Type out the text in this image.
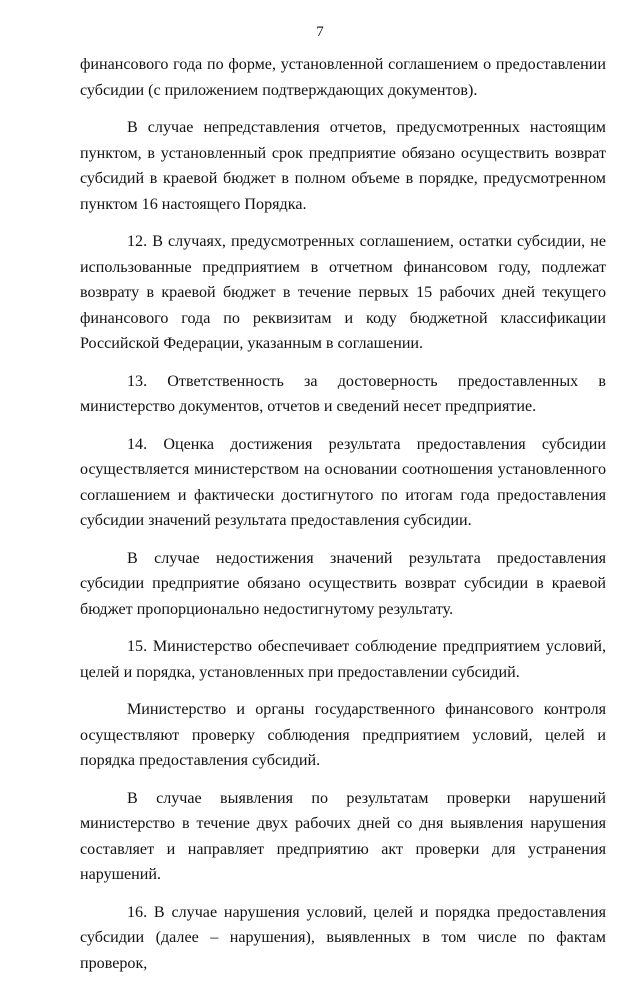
7

финансового года по форме, установленной соглашением о предоставлении субсидии (с приложением подтверждающих документов).

В случае непредставления отчетов, предусмотренных настоящим пунктом, в установленный срок предприятие обязано осуществить возврат субсидий в краевой бюджет в полном объеме в порядке, предусмотренном пунктом 16 настоящего Порядка.

12. В случаях, предусмотренных соглашением, остатки субсидии, не использованные предприятием в отчетном финансовом году, подлежат возврату в краевой бюджет в течение первых 15 рабочих дней текущего финансового года по реквизитам и коду бюджетной классификации Российской Федерации, указанным в соглашении.

13. Ответственность за достоверность предоставленных в министерство документов, отчетов и сведений несет предприятие.

14. Оценка достижения результата предоставления субсидии осуществляется министерством на основании соотношения установленного соглашением и фактически достигнутого по итогам года предоставления субсидии значений результата предоставления субсидии.

В случае недостижения значений результата предоставления субсидии предприятие обязано осуществить возврат субсидии в краевой бюджет пропорционально недостигнутому результату.

15. Министерство обеспечивает соблюдение предприятием условий, целей и порядка, установленных при предоставлении субсидий.

Министерство и органы государственного финансового контроля осуществляют проверку соблюдения предприятием условий, целей и порядка предоставления субсидий.

В случае выявления по результатам проверки нарушений министерство в течение двух рабочих дней со дня выявления нарушения составляет и направляет предприятию акт проверки для устранения нарушений.

16. В случае нарушения условий, целей и порядка предоставления субсидии (далее – нарушения), выявленных в том числе по фактам проверок,
